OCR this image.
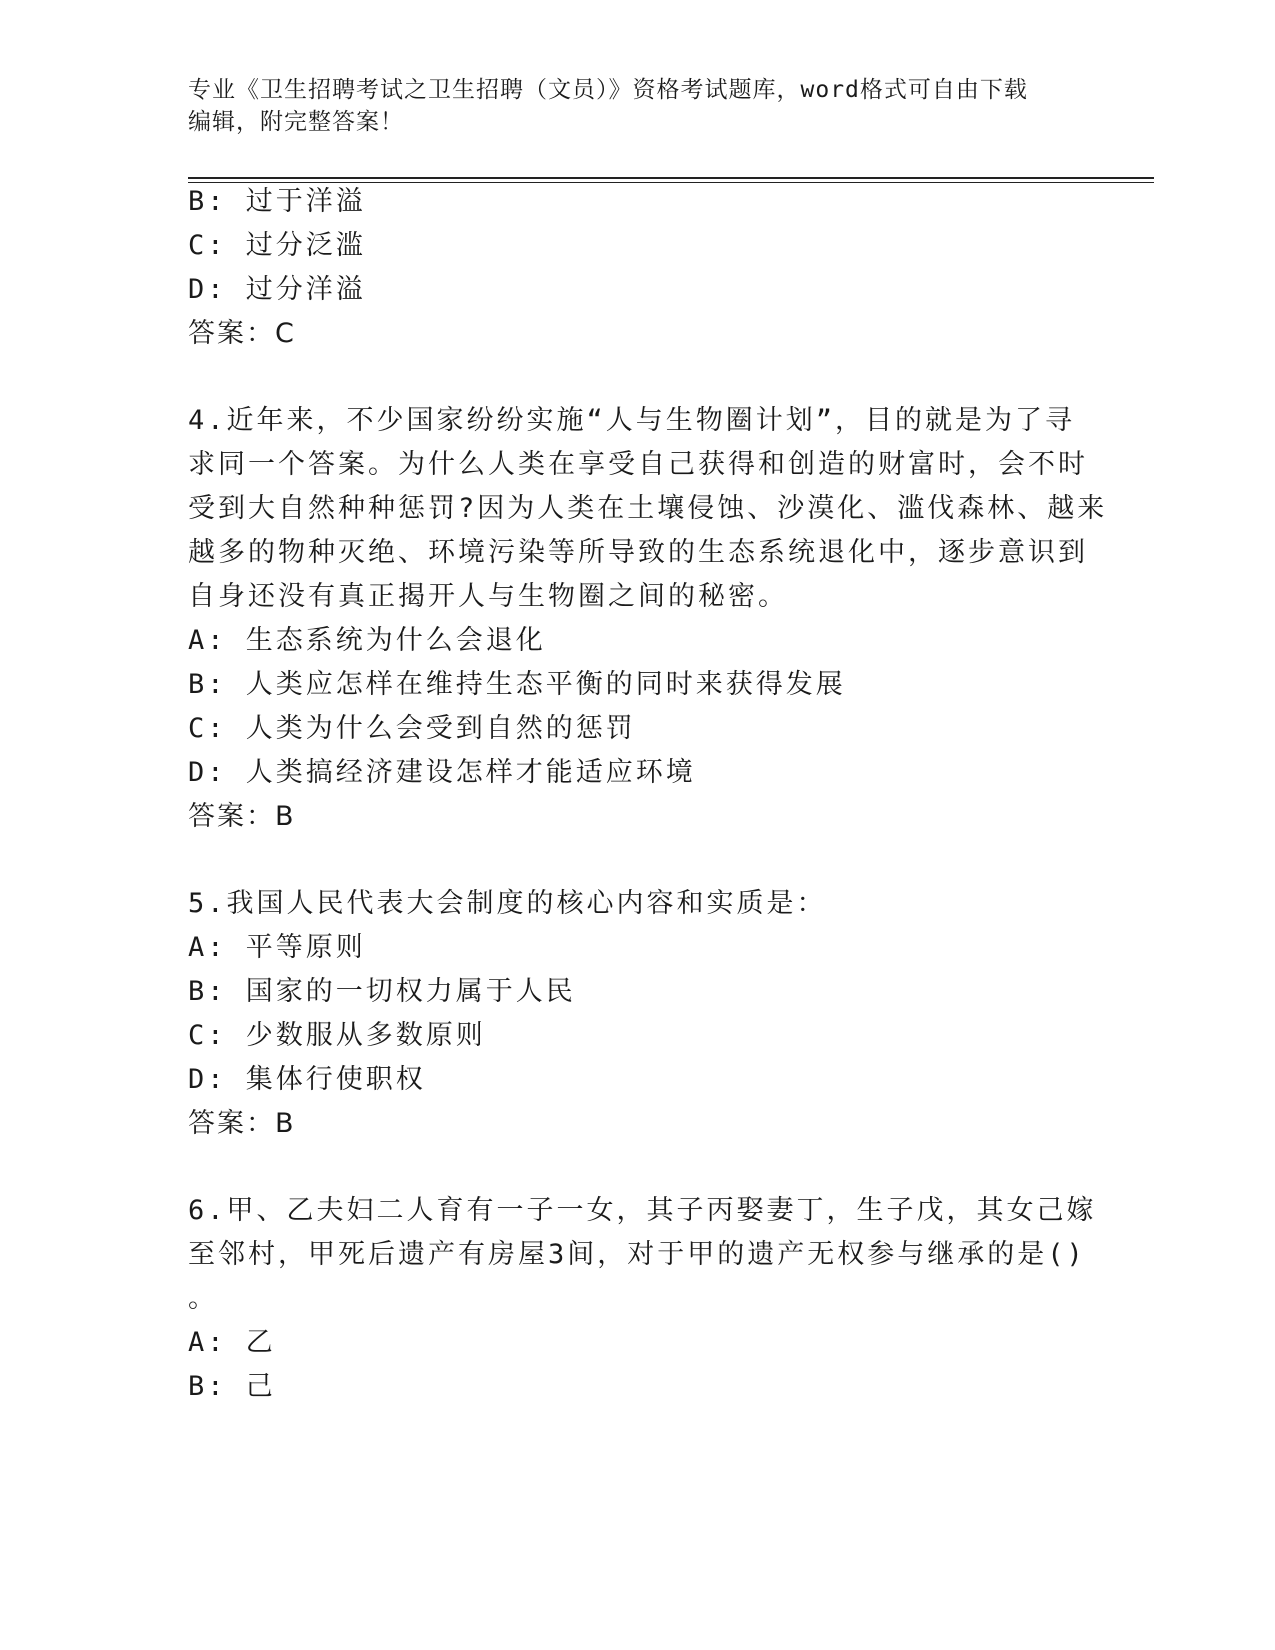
专业《卫生招聘考试之卫生招聘（文员）》资格考试题库，word格式可自由下载
编辑，附完整答案！
B: 过于洋溢
C: 过分泛滥
D: 过分洋溢
答案：C
4.近年来，不少国家纷纷实施“人与生物圈计划”，目的就是为了寻
求同一个答案。为什么人类在享受自己获得和创造的财富时，会不时
受到大自然种种惩罚?因为人类在土壤侵蚀、沙漠化、滥伐森林、越来
越多的物种灭绝、环境污染等所导致的生态系统退化中，逐步意识到
自身还没有真正揭开人与生物圈之间的秘密。
A: 生态系统为什么会退化
B: 人类应怎样在维持生态平衡的同时来获得发展
C: 人类为什么会受到自然的惩罚
D: 人类搞经济建设怎样才能适应环境
答案：B
5.我国人民代表大会制度的核心内容和实质是：
A: 平等原则
B: 国家的一切权力属于人民
C: 少数服从多数原则
D: 集体行使职权
答案：B
6.甲、乙夫妇二人育有一子一女，其子丙娶妻丁，生子戊，其女己嫁
至邻村，甲死后遗产有房屋3间，对于甲的遗产无权参与继承的是()
。
A: 乙
B: 己
